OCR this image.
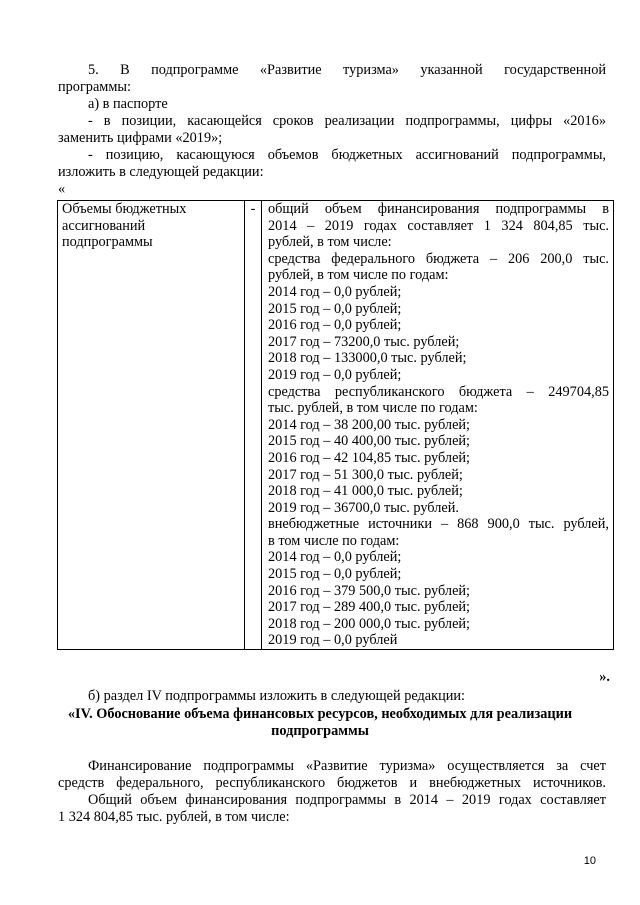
5. В подпрограмме «Развитие туризма» указанной государственной
программы:
а) в паспорте
- в позиции, касающейся сроков реализации подпрограммы, цифры «2016»
заменить цифрами «2019»;
- позицию, касающуюся объемов бюджетных ассигнований подпрограммы,
изложить в следующей редакции:
«
Объемы бюджетных
ассигнований
подпрограммы
	-	общий объем финансирования подпрограммы в
2014 – 2019 годах составляет 1 324 804,85 тыс.
рублей, в том числе:
средства федерального бюджета – 206 200,0 тыс.
рублей, в том числе по годам:
2014 год – 0,0 рублей;
2015 год – 0,0 рублей;
2016 год – 0,0 рублей;
2017 год – 73200,0 тыс. рублей;
2018 год – 133000,0 тыс. рублей;
2019 год – 0,0 рублей;
средства республиканского бюджета – 249704,85
тыс. рублей, в том числе по годам:
2014 год – 38 200,00 тыс. рублей;
2015 год – 40 400,00 тыс. рублей;
2016 год – 42 104,85 тыс. рублей;
2017 год – 51 300,0 тыс. рублей;
2018 год – 41 000,0 тыс. рублей;
2019 год – 36700,0 тыс. рублей.
внебюджетные источники – 868 900,0 тыс. рублей,
в том числе по годам:
2014 год – 0,0 рублей;
2015 год – 0,0 рублей;
2016 год – 379 500,0 тыс. рублей;
2017 год – 289 400,0 тыс. рублей;
2018 год – 200 000,0 тыс. рублей;
2019 год – 0,0 рублей
».
б) раздел IV подпрограммы изложить в следующей редакции:
«IV. Обоснование объема финансовых ресурсов, необходимых для реализации
подпрограммы
Финансирование подпрограммы «Развитие туризма» осуществляется за счет
средств федерального, республиканского бюджетов и внебюджетных источников.
Общий объем финансирования подпрограммы в 2014 – 2019 годах составляет
1 324 804,85 тыс. рублей, в том числе:
10
